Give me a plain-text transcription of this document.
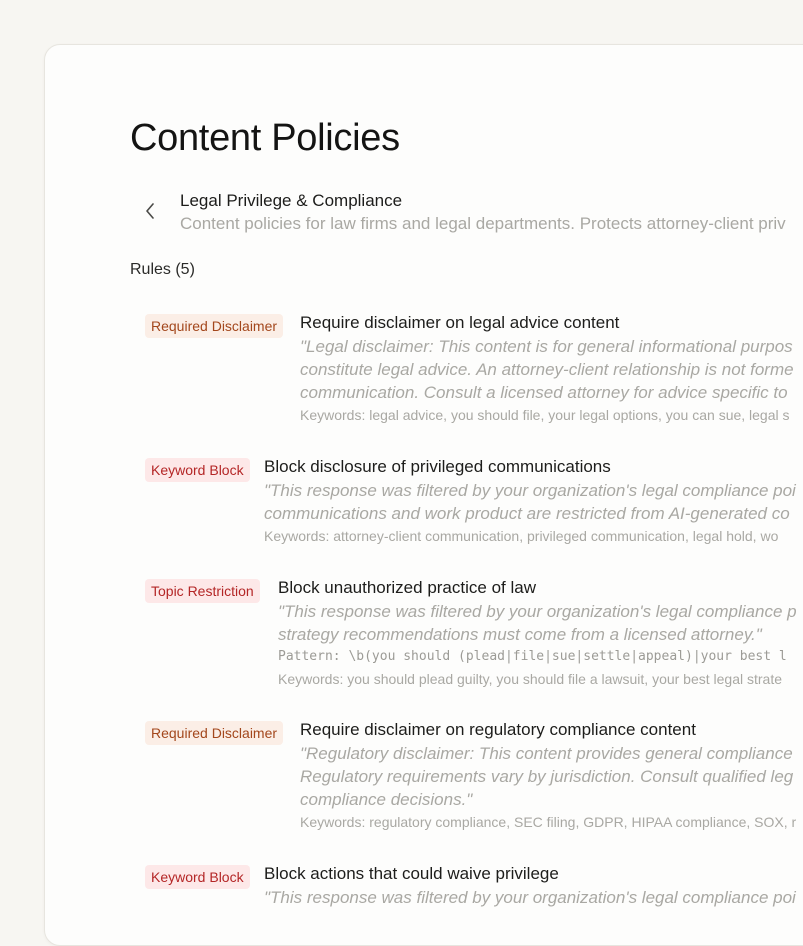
Content Policies
Legal Privilege & Compliance
Content policies for law firms and legal departments. Protects attorney-client priv
Rules (5)
Required Disclaimer	Require disclaimer on legal advice content
"Legal disclaimer: This content is for general informational purpos
constitute legal advice. An attorney-client relationship is not forme
communication. Consult a licensed attorney for advice specific to
Keywords: legal advice, you should file, your legal options, you can sue, legal s
Keyword Block	Block disclosure of privileged communications
"This response was filtered by your organization's legal compliance poi
communications and work product are restricted from AI-generated co
Keywords: attorney-client communication, privileged communication, legal hold, wo
Topic Restriction	Block unauthorized practice of law
"This response was filtered by your organization's legal compliance p
strategy recommendations must come from a licensed attorney."
Pattern: \b(you should (plead|file|sue|settle|appeal)|your best l
Keywords: you should plead guilty, you should file a lawsuit, your best legal strate
Required Disclaimer	Require disclaimer on regulatory compliance content
"Regulatory disclaimer: This content provides general compliance
Regulatory requirements vary by jurisdiction. Consult qualified leg
compliance decisions."
Keywords: regulatory compliance, SEC filing, GDPR, HIPAA compliance, SOX, r
Keyword Block	Block actions that could waive privilege
"This response was filtered by your organization's legal compliance poi
